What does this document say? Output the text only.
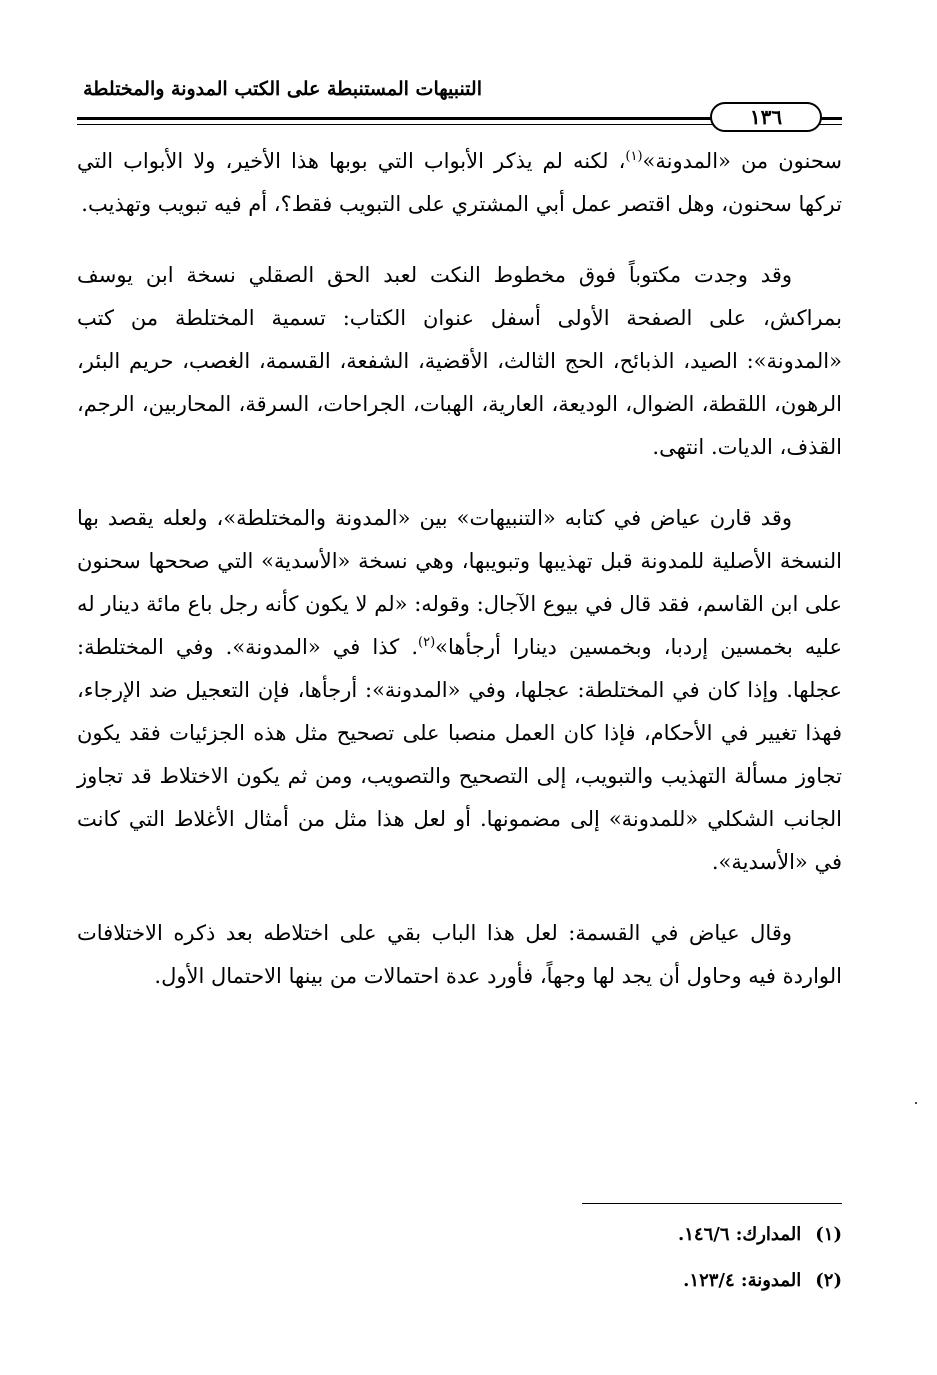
التنبيهات المستنبطة على الكتب المدونة والمختلطة
١٣٦

سحنون من «المدونة»$^{(١)}$، لكنه لم يذكر الأبواب التي بوبها هذا الأخير، ولا الأبواب التي تركها سحنون، وهل اقتصر عمل أبي المشتري على التبويب فقط؟، أم فيه تبويب وتهذيب.

وقد وجدت مكتوباً فوق مخطوط النكت لعبد الحق الصقلي نسخة ابن يوسف بمراكش، على الصفحة الأولى أسفل عنوان الكتاب: تسمية المختلطة من كتب «المدونة»: الصيد، الذبائح، الحج الثالث، الأقضية، الشفعة، القسمة، الغصب، حريم البئر، الرهون، اللقطة، الضوال، الوديعة، العارية، الهبات، الجراحات، السرقة، المحاربين، الرجم، القذف، الديات. انتهى.

وقد قارن عياض في كتابه «التنبيهات» بين «المدونة والمختلطة»، ولعله يقصد بها النسخة الأصلية للمدونة قبل تهذيبها وتبويبها، وهي نسخة «الأسدية» التي صححها سحنون على ابن القاسم، فقد قال في بيوع الآجال: وقوله: «لم لا يكون كأنه رجل باع مائة دينار له عليه بخمسين إردبا، وبخمسين دينارا أرجأها»$^{(٢)}$. كذا في «المدونة». وفي المختلطة: عجلها. وإذا كان في المختلطة: عجلها، وفي «المدونة»: أرجأها، فإن التعجيل ضد الإرجاء، فهذا تغيير في الأحكام، فإذا كان العمل منصبا على تصحيح مثل هذه الجزئيات فقد يكون تجاوز مسألة التهذيب والتبويب، إلى التصحيح والتصويب، ومن ثم يكون الاختلاط قد تجاوز الجانب الشكلي «للمدونة» إلى مضمونها. أو لعل هذا مثل من أمثال الأغلاط التي كانت في «الأسدية».

وقال عياض في القسمة: لعل هذا الباب بقي على اختلاطه بعد ذكره الاختلافات الواردة فيه وحاول أن يجد لها وجهاً، فأورد عدة احتمالات من بينها الاحتمال الأول.

(١)
المدارك: ١٤٦/٦.
(٢)
المدونة: ١٢٣/٤.
